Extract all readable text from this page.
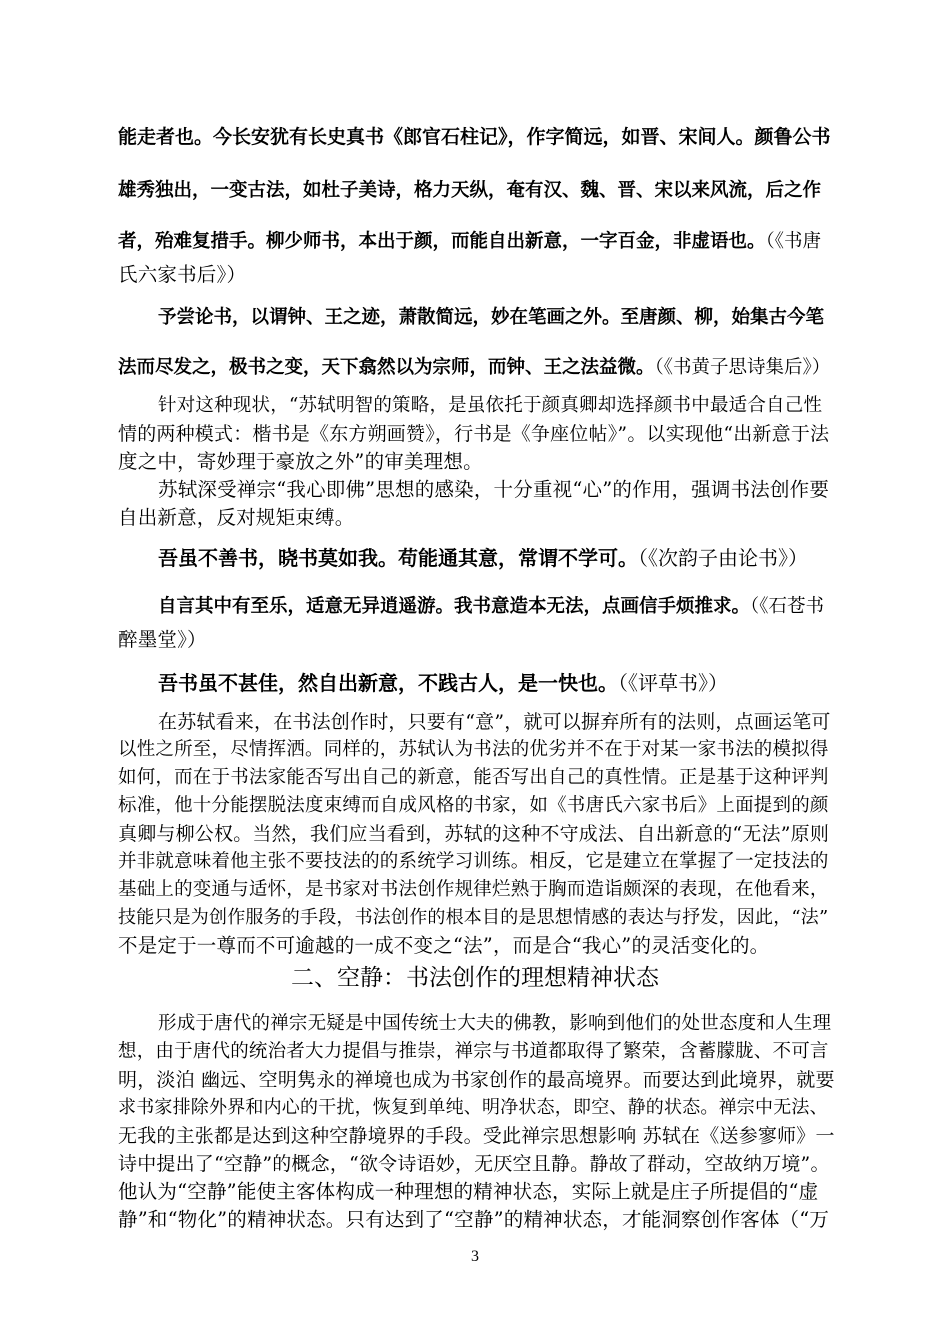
能走者也。今长安犹有长史真书《郎官石柱记》，作字简远，如晋、宋间人。颜鲁公书
雄秀独出，一变古法，如杜子美诗，格力天纵，奄有汉、魏、晋、宋以来风流，后之作
者，殆难复措手。柳少师书，本出于颜，而能自出新意，一字百金，非虚语也。（《书唐
氏六家书后》）
予尝论书，以谓钟、王之迹，萧散简远，妙在笔画之外。至唐颜、柳，始集古今笔
法而尽发之，极书之变，天下翕然以为宗师，而钟、王之法益微。（《书黄子思诗集后》）
针对这种现状，“苏轼明智的策略，是虽依托于颜真卿却选择颜书中最适合自己性
情的两种模式：楷书是《东方朔画赞》，行书是《争座位帖》”。以实现他“出新意于法
度之中，寄妙理于豪放之外”的审美理想。
苏轼深受禅宗“我心即佛”思想的感染，十分重视“心”的作用，强调书法创作要
自出新意，反对规矩束缚。
吾虽不善书，晓书莫如我。苟能通其意，常谓不学可。（《次韵子由论书》）
自言其中有至乐，适意无异逍遥游。我书意造本无法，点画信手烦推求。（《石苍书
醉墨堂》）
吾书虽不甚佳，然自出新意，不践古人，是一快也。（《评草书》）
在苏轼看来，在书法创作时，只要有“意”，就可以摒弃所有的法则，点画运笔可
以性之所至，尽情挥洒。同样的，苏轼认为书法的优劣并不在于对某一家书法的模拟得
如何，而在于书法家能否写出自己的新意，能否写出自己的真性情。正是基于这种评判
标准，他十分能摆脱法度束缚而自成风格的书家，如《书唐氏六家书后》上面提到的颜
真卿与柳公权。当然，我们应当看到，苏轼的这种不守成法、自出新意的“无法”原则
并非就意味着他主张不要技法的的系统学习训练。相反，它是建立在掌握了一定技法的
基础上的变通与适怀，是书家对书法创作规律烂熟于胸而造诣颇深的表现，在他看来，
技能只是为创作服务的手段，书法创作的根本目的是思想情感的表达与抒发，因此，“法”
不是定于一尊而不可逾越的一成不变之“法”，而是合“我心”的灵活变化的。
二、空静：书法创作的理想精神状态
形成于唐代的禅宗无疑是中国传统士大夫的佛教，影响到他们的处世态度和人生理
想，由于唐代的统治者大力提倡与推崇，禅宗与书道都取得了繁荣，含蓄朦胧、不可言
明，淡泊 幽远、空明隽永的禅境也成为书家创作的最高境界。而要达到此境界，就要
求书家排除外界和内心的干扰，恢复到单纯、明净状态，即空、静的状态。禅宗中无法、
无我的主张都是达到这种空静境界的手段。受此禅宗思想影响 苏轼在《送参寥师》一
诗中提出了“空静”的概念，“欲令诗语妙，无厌空且静。静故了群动，空故纳万境”。
他认为“空静”能使主客体构成一种理想的精神状态，实际上就是庄子所提倡的“虚
静”和“物化”的精神状态。只有达到了“空静”的精神状态，才能洞察创作客体（“万
3
